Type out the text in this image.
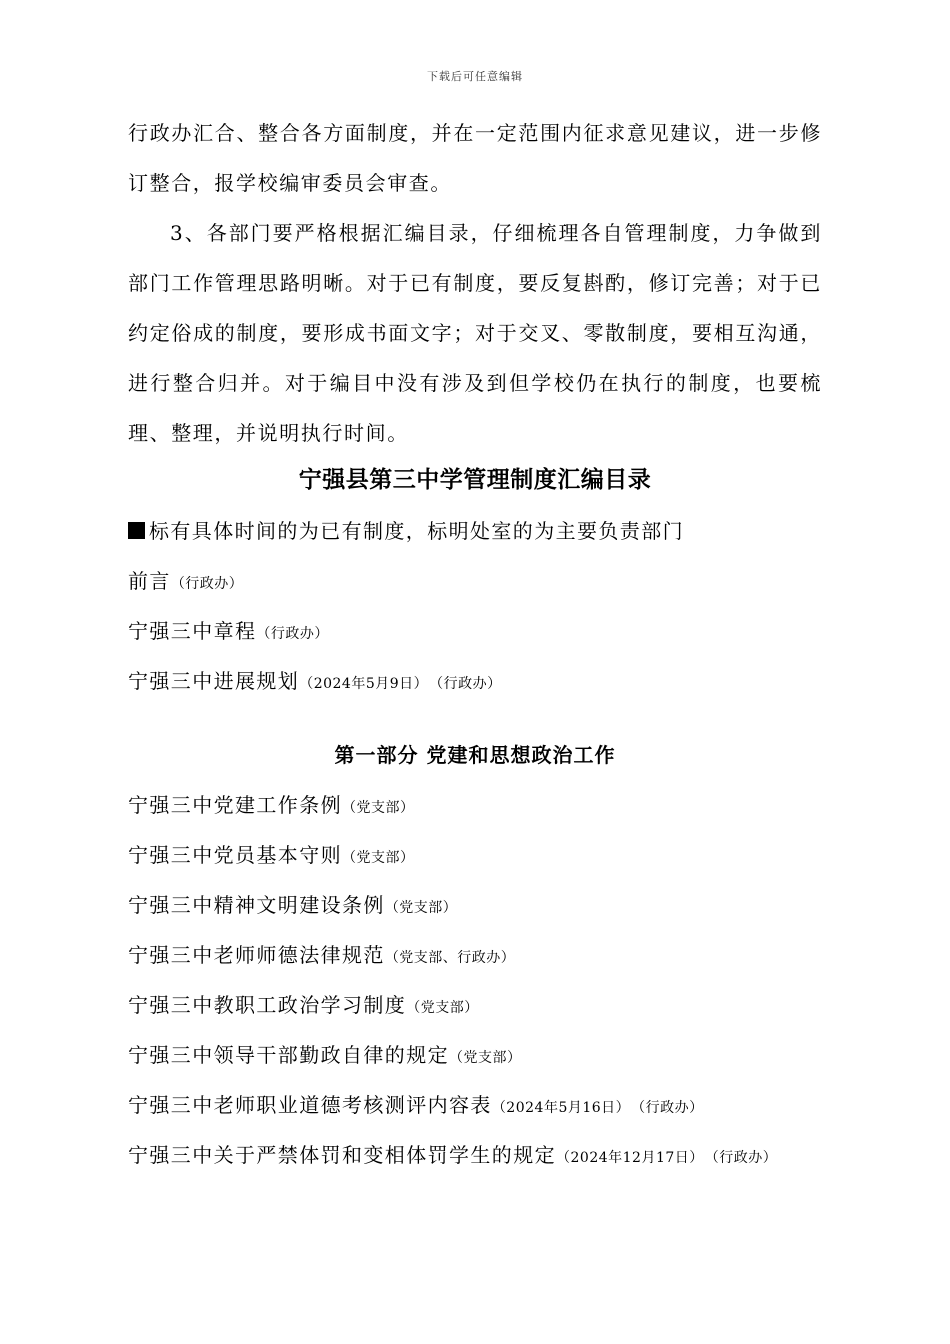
下载后可任意编辑
行政办汇合、整合各方面制度，并在一定范围内征求意见建议，进一步修订整合，报学校编审委员会审查。
3、各部门要严格根据汇编目录，仔细梳理各自管理制度，力争做到部门工作管理思路明晰。对于已有制度，要反复斟酌，修订完善；对于已约定俗成的制度，要形成书面文字；对于交叉、零散制度，要相互沟通，进行整合归并。对于编目中没有涉及到但学校仍在执行的制度，也要梳理、整理，并说明执行时间。
宁强县第三中学管理制度汇编目录
标有具体时间的为已有制度，标明处室的为主要负责部门
前言（行政办）
宁强三中章程（行政办）
宁强三中进展规划（2024年5月9日） （行政办）
第一部分 党建和思想政治工作
宁强三中党建工作条例（党支部）
宁强三中党员基本守则（党支部）
宁强三中精神文明建设条例（党支部）
宁强三中老师师德法律规范（党支部、行政办）
宁强三中教职工政治学习制度（党支部）
宁强三中领导干部勤政自律的规定（党支部）
宁强三中老师职业道德考核测评内容表（2024年5月16日） （行政办）
宁强三中关于严禁体罚和变相体罚学生的规定（2024年12月17日） （行政办）
